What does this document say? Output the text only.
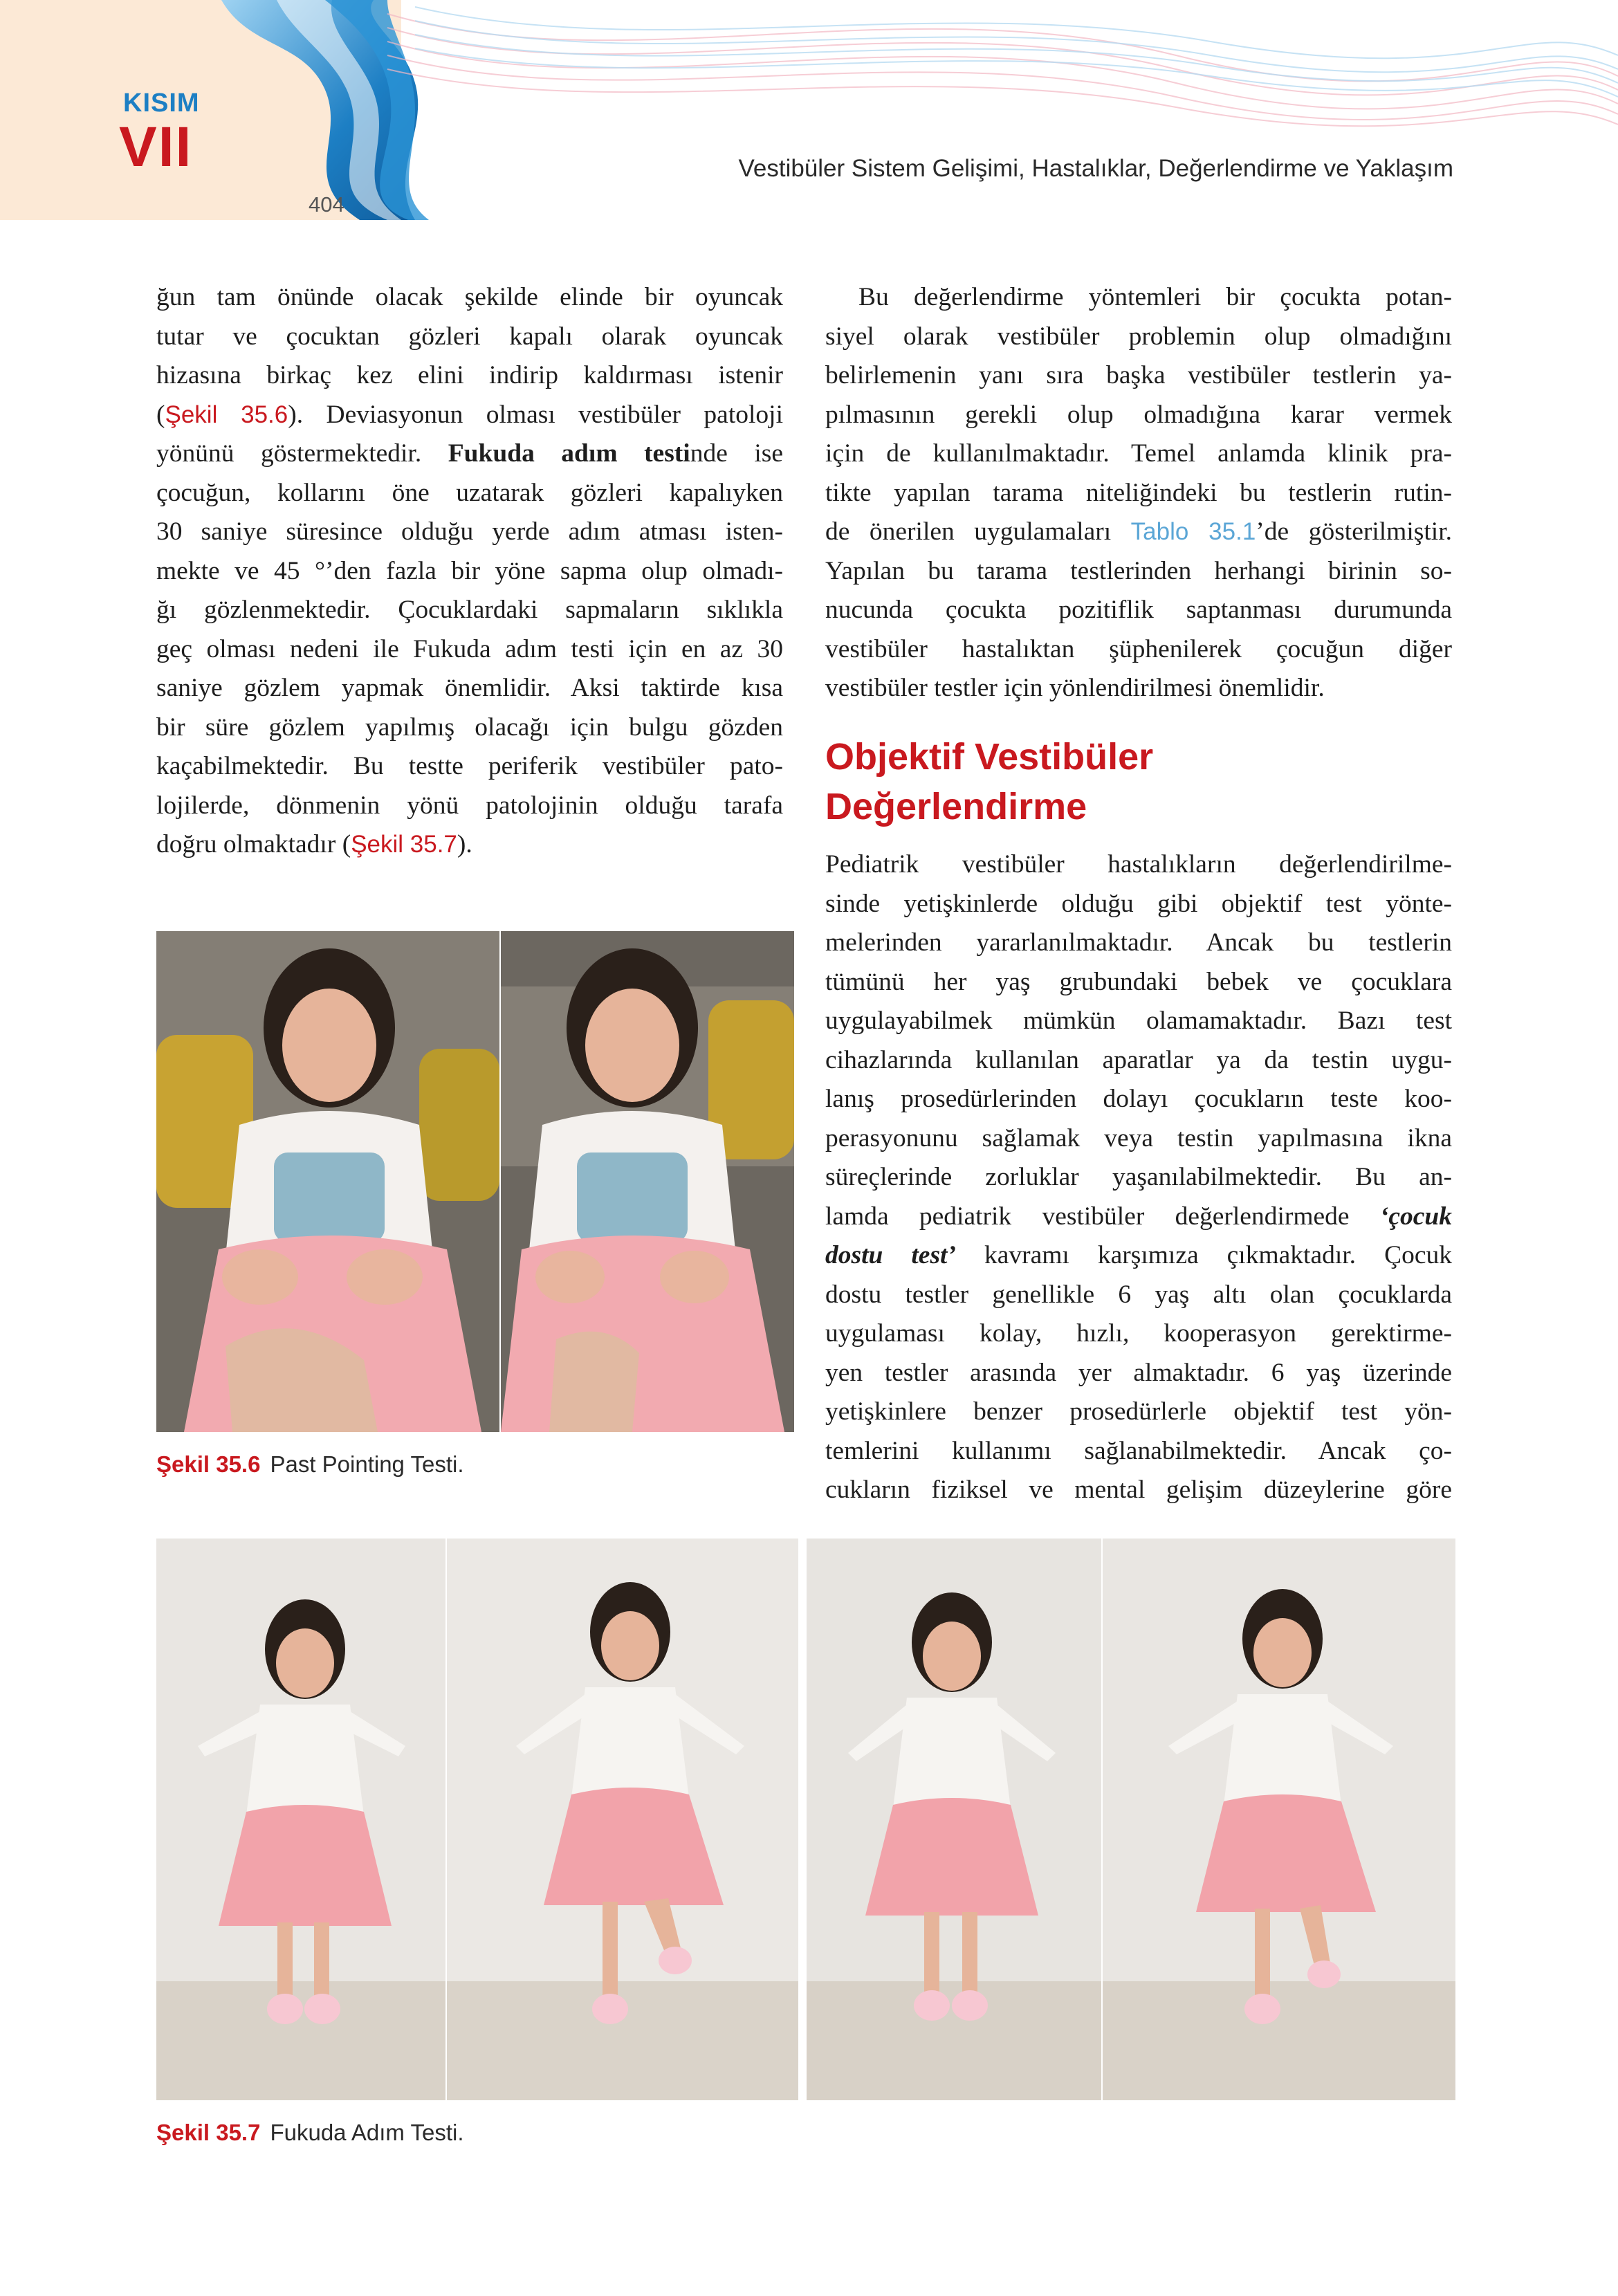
KISIM
VII
404
Vestibüler Sistem Gelişimi, Hastalıklar, Değerlendirme ve Yaklaşım
ğun tam önünde olacak şekilde elinde bir oyuncak
tutar ve çocuktan gözleri kapalı olarak oyuncak
hizasına birkaç kez elini indirip kaldırması istenir
(Şekil 35.6). Deviasyonun olması vestibüler patoloji
yönünü göstermektedir. Fukuda adım testinde ise
çocuğun, kollarını öne uzatarak gözleri kapalıyken
30 saniye süresince olduğu yerde adım atması isten-
mekte ve 45 °’den fazla bir yöne sapma olup olmadı-
ğı gözlenmektedir. Çocuklardaki sapmaların sıklıkla
geç olması nedeni ile Fukuda adım testi için en az 30
saniye gözlem yapmak önemlidir. Aksi taktirde kısa
bir süre gözlem yapılmış olacağı için bulgu gözden
kaçabilmektedir. Bu testte periferik vestibüler pato-
lojilerde, dönmenin yönü patolojinin olduğu tarafa
doğru olmaktadır (Şekil 35.7).
Bu değerlendirme yöntemleri bir çocukta potan-
siyel olarak vestibüler problemin olup olmadığını
belirlemenin yanı sıra başka vestibüler testlerin ya-
pılmasının gerekli olup olmadığına karar vermek
için de kullanılmaktadır. Temel anlamda klinik pra-
tikte yapılan tarama niteliğindeki bu testlerin rutin-
de önerilen uygulamaları Tablo 35.1’de gösterilmiştir.
Yapılan bu tarama testlerinden herhangi birinin so-
nucunda çocukta pozitiflik saptanması durumunda
vestibüler hastalıktan şüphenilerek çocuğun diğer
vestibüler testler için yönlendirilmesi önemlidir.
Objektif Vestibüler
Değerlendirme
Pediatrik vestibüler hastalıkların değerlendirilme-
sinde yetişkinlerde olduğu gibi objektif test yönte-
melerinden yararlanılmaktadır. Ancak bu testlerin
tümünü her yaş grubundaki bebek ve çocuklara
uygulayabilmek mümkün olamamaktadır. Bazı test
cihazlarında kullanılan aparatlar ya da testin uygu-
lanış prosedürlerinden dolayı çocukların teste koo-
perasyonunu sağlamak veya testin yapılmasına ikna
süreçlerinde zorluklar yaşanılabilmektedir. Bu an-
lamda pediatrik vestibüler değerlendirmede ‘çocuk
dostu test’ kavramı karşımıza çıkmaktadır. Çocuk
dostu testler genellikle 6 yaş altı olan çocuklarda
uygulaması kolay, hızlı, kooperasyon gerektirme-
yen testler arasında yer almaktadır. 6 yaş üzerinde
yetişkinlere benzer prosedürlerle objektif test yön-
temlerini kullanımı sağlanabilmektedir. Ancak ço-
cukların fiziksel ve mental gelişim düzeylerine göre
Şekil 35.6 Past Pointing Testi.
Şekil 35.7 Fukuda Adım Testi.
